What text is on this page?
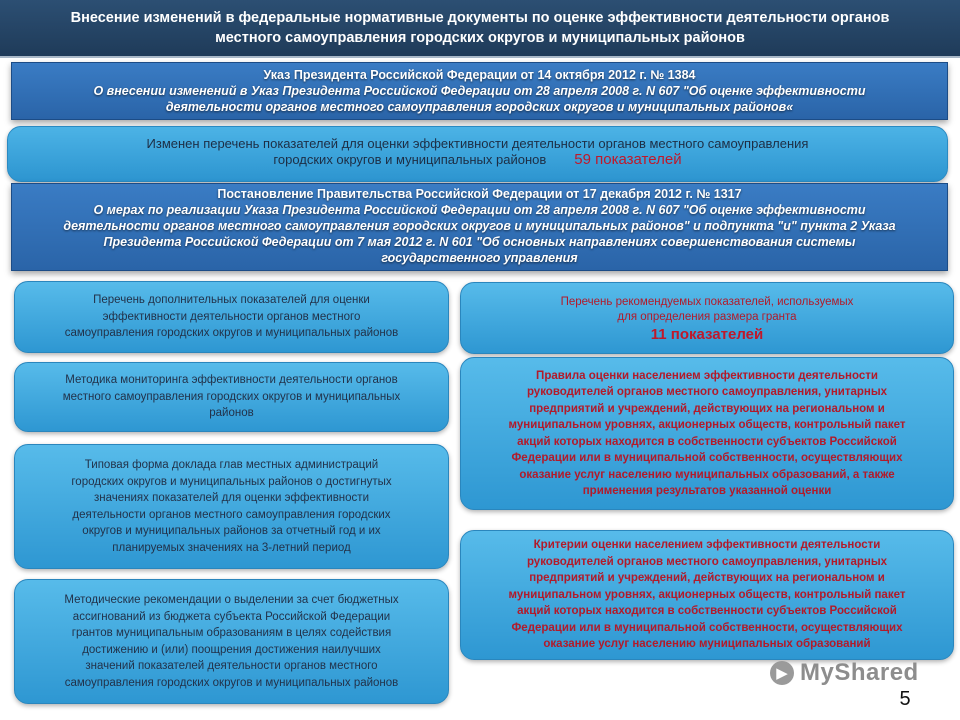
Внесение изменений в федеральные нормативные документы по оценке эффективности деятельности органов
местного самоуправления городских округов и муниципальных районов
Указ Президента Российской Федерации от 14 октября 2012 г. № 1384
О внесении изменений в Указ Президента Российской Федерации от 28 апреля 2008 г. N 607 "Об оценке эффективности
деятельности органов местного самоуправления городских округов и муниципальных районов«
Изменен перечень показателей для оценки эффективности деятельности органов местного самоуправления
городских округов и муниципальных районов 59 показателей
Постановление Правительства Российской Федерации от 17 декабря 2012 г. № 1317
О мерах по реализации Указа Президента Российской Федерации от 28 апреля 2008 г. N 607 "Об оценке эффективности
деятельности органов местного самоуправления городских округов и муниципальных районов" и подпункта "и" пункта 2 Указа
Президента Российской Федерации от 7 мая 2012 г. N 601 "Об основных направлениях совершенствования системы
государственного управления
Перечень дополнительных показателей для оценки
эффективности деятельности органов местного
самоуправления городских округов и муниципальных районов
Методика мониторинга эффективности деятельности органов
местного самоуправления городских округов и муниципальных
районов
Типовая форма доклада глав местных администраций
городских округов и муниципальных районов о достигнутых
значениях показателей для оценки эффективности
деятельности органов местного самоуправления городских
округов и муниципальных районов за отчетный год и их
планируемых значениях на 3-летний период
Методические рекомендации о выделении за счет бюджетных
ассигнований из бюджета субъекта Российской Федерации
грантов муниципальным образованиям в целях содействия
достижению и (или) поощрения достижения наилучших
значений показателей деятельности органов местного
самоуправления городских округов и муниципальных районов
Перечень рекомендуемых показателей, используемых
для определения размера гранта
11 показателей
Правила оценки населением эффективности деятельности
руководителей органов местного самоуправления, унитарных
предприятий и учреждений, действующих на региональном и
муниципальном уровнях, акционерных обществ, контрольный пакет
акций которых находится в собственности субъектов Российской
Федерации или в муниципальной собственности, осуществляющих
оказание услуг населению муниципальных образований, а также
применения результатов указанной оценки
Критерии оценки населением эффективности деятельности
руководителей органов местного самоуправления, унитарных
предприятий и учреждений, действующих на региональном и
муниципальном уровнях, акционерных обществ, контрольный пакет
акций которых находится в собственности субъектов Российской
Федерации или в муниципальной собственности, осуществляющих
оказание услуг населению муниципальных образований
▶ MyShared
5
